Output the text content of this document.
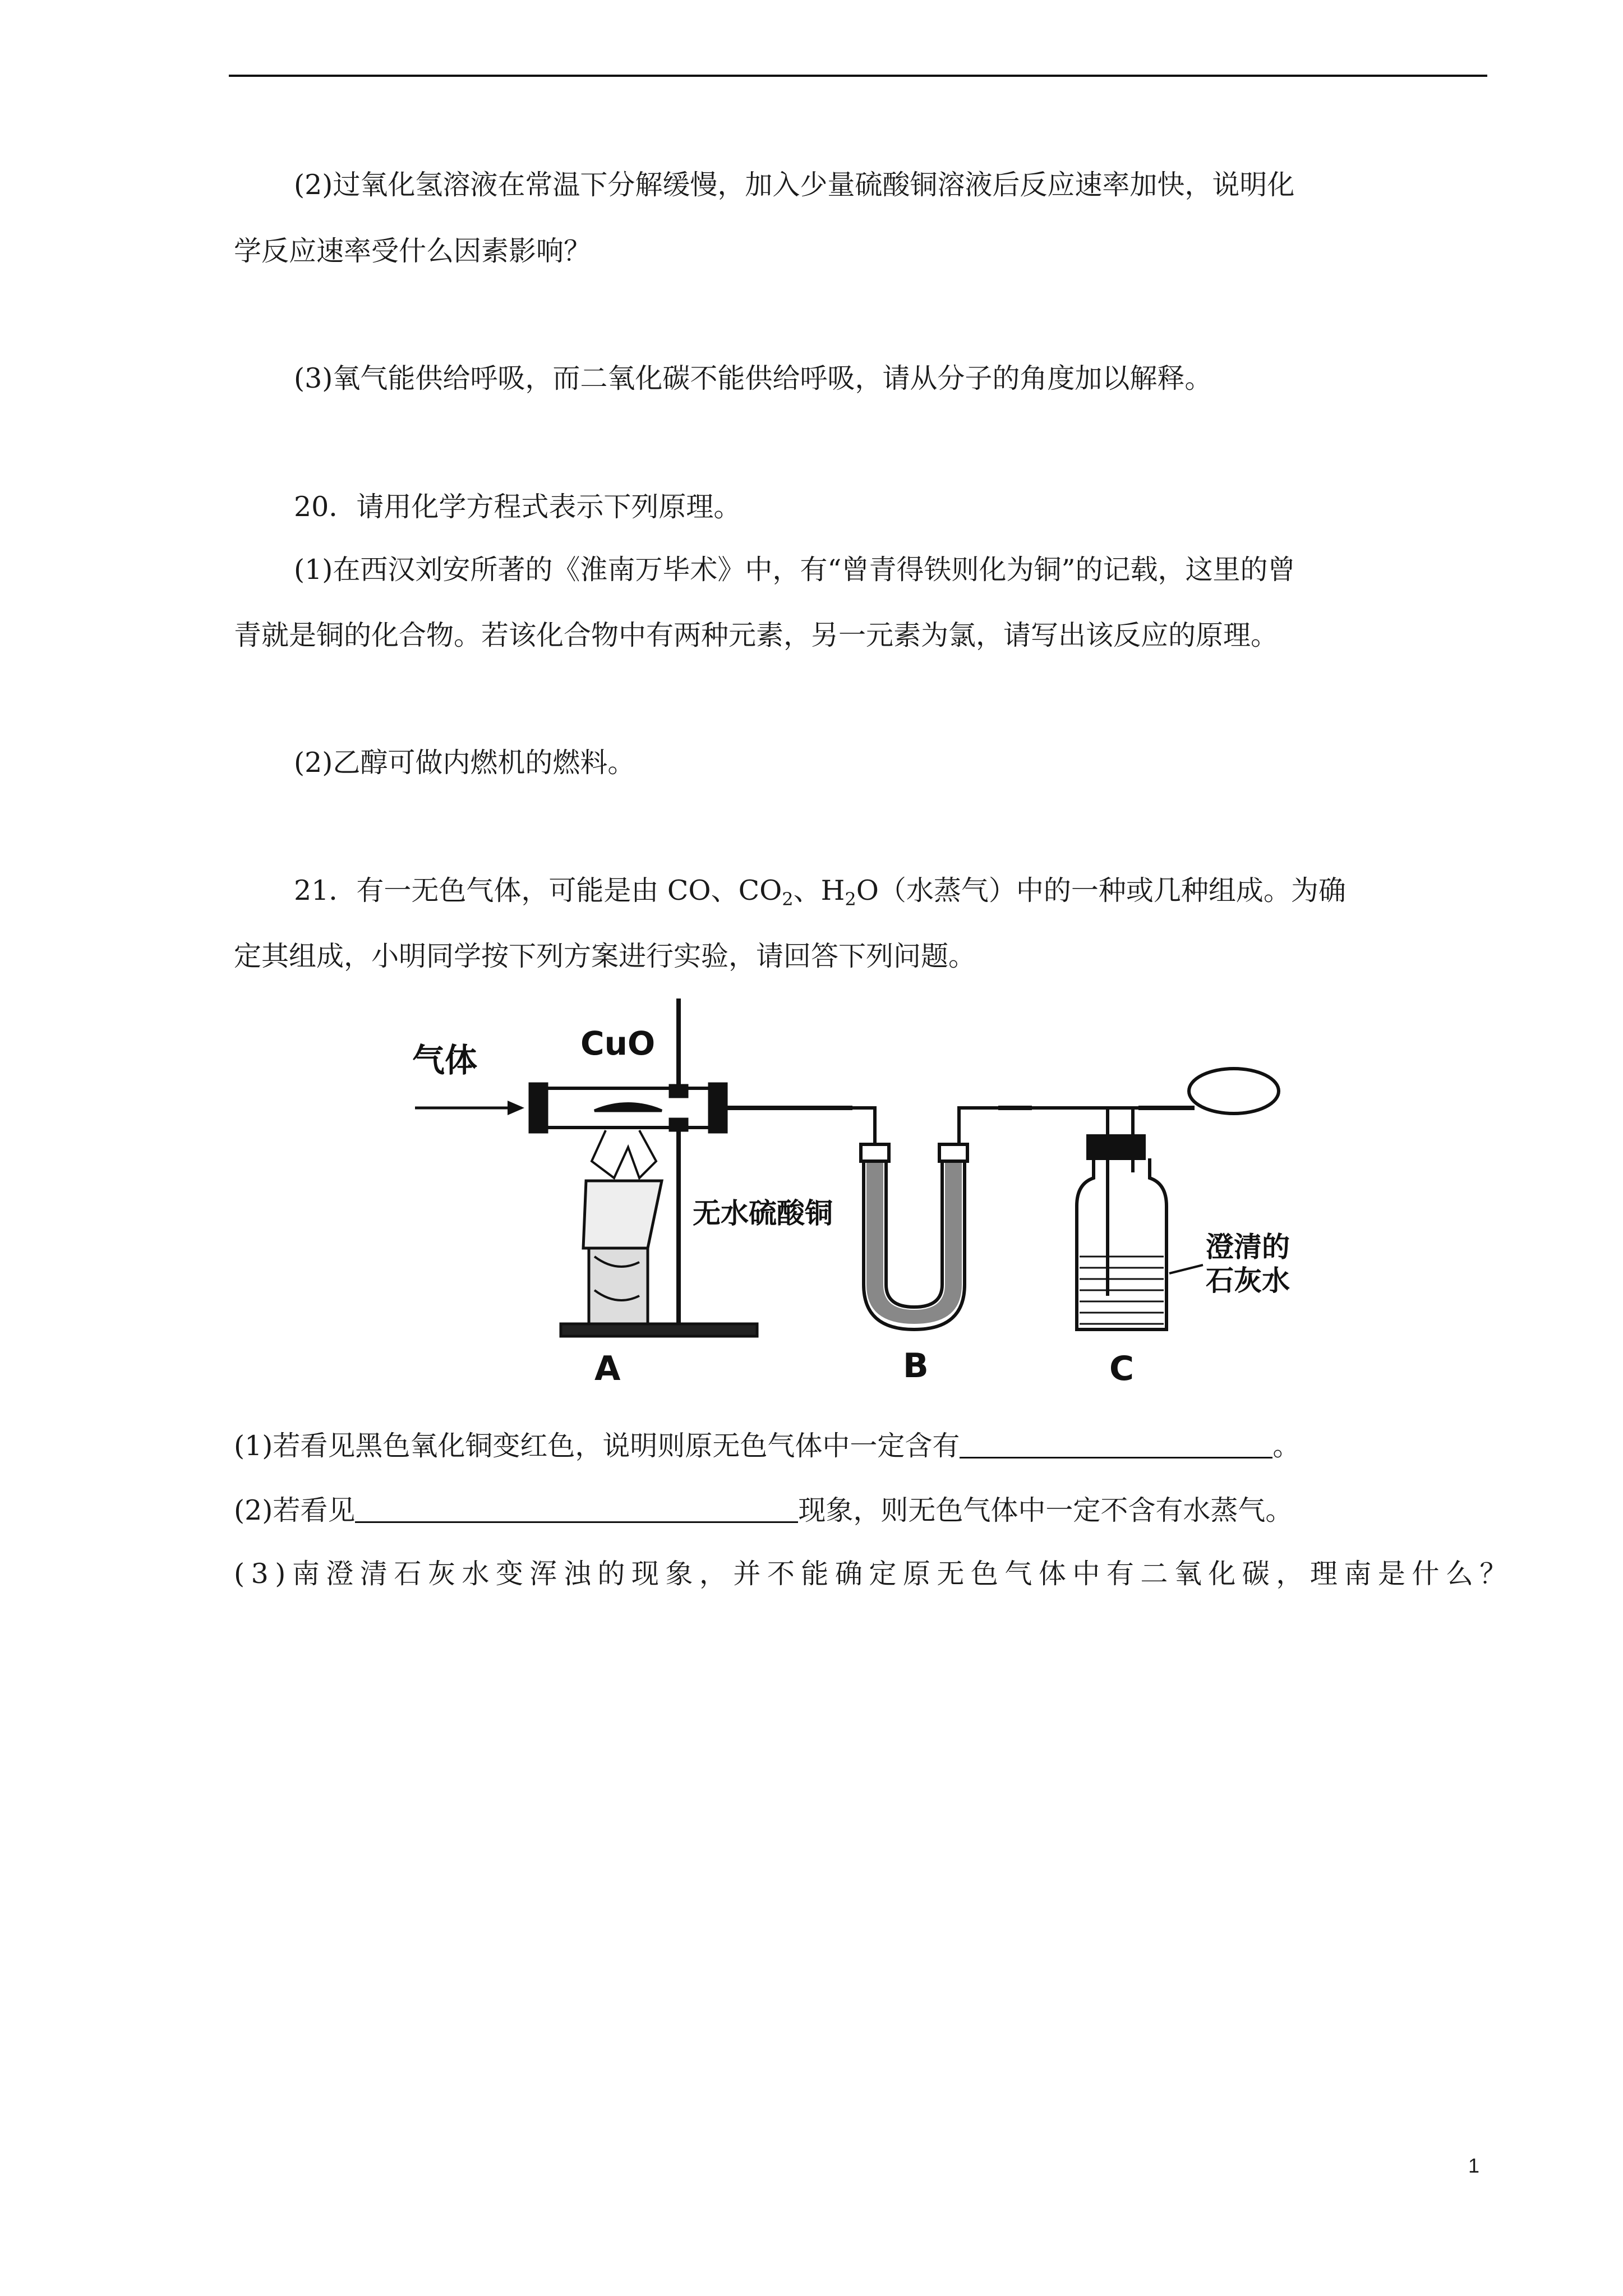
(2)过氧化氢溶液在常温下分解缓慢，加入少量硫酸铜溶液后反应速率加快，说明化
学反应速率受什么因素影响？
(3)氧气能供给呼吸，而二氧化碳不能供给呼吸，请从分子的角度加以解释。
20．请用化学方程式表示下列原理。
(1)在西汉刘安所著的《淮南万毕术》中，有“曾青得铁则化为铜”的记载，这里的曾
青就是铜的化合物。若该化合物中有两种元素，另一元素为氯，请写出该反应的原理。
(2)乙醇可做内燃机的燃料。
21．有一无色气体，可能是由 CO、$CO_2$、$H_2O$（水蒸气）中的一种或几种组成。为确
定其组成，小明同学按下列方案进行实验，请回答下列问题。
气体	CuO
无水硫酸铜
澄清的
石灰水
A	B	C
(1)若看见黑色氧化铜变红色，说明则原无色气体中一定含有	。
(2)若看见	现象，则无色气体中一定不含有水蒸气。
(3)南澄清石灰水变浑浊的现象，并不能确定原无色气体中有二氧化碳，理南是什么？
1
